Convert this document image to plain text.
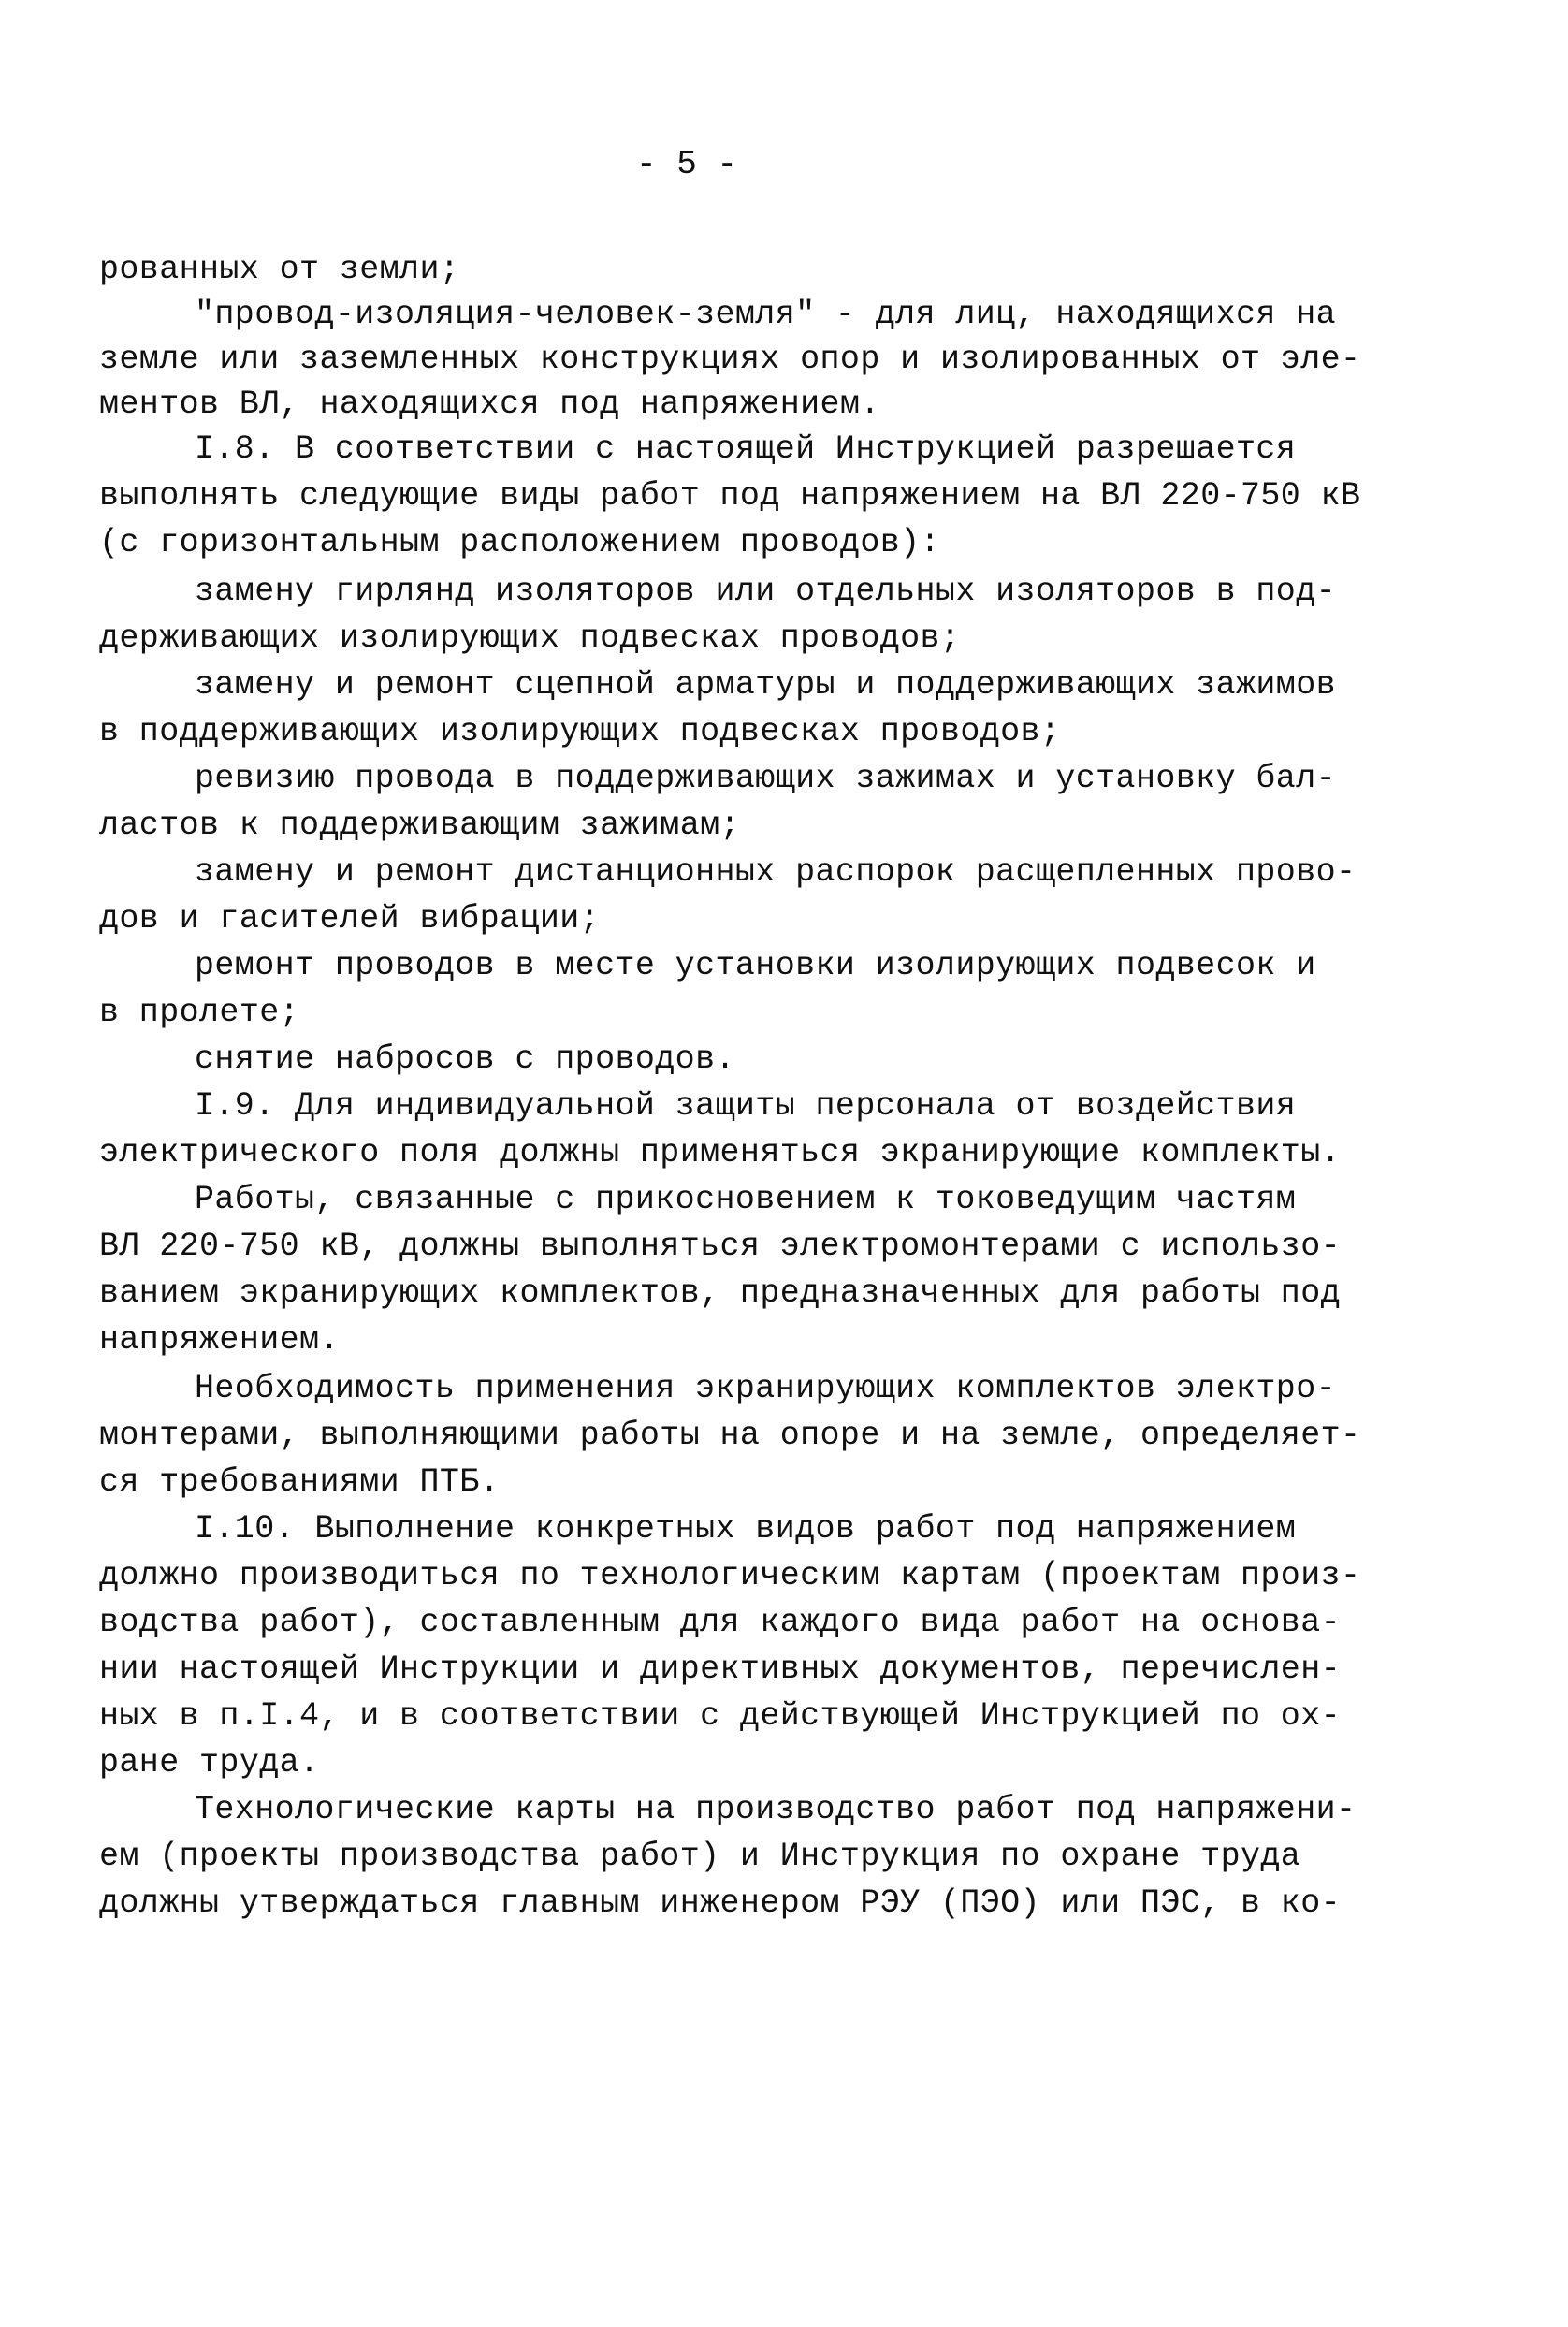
- 5 -
рованных от земли;
"провод-изоляция-человек-земля" - для лиц, находящихся на
земле или заземленных конструкциях опор и изолированных от эле-
ментов ВЛ, находящихся под напряжением.
I.8. В соответствии с настоящей Инструкцией разрешается
выполнять следующие виды работ под напряжением на ВЛ 220-750 кВ
(с горизонтальным расположением проводов):
замену гирлянд изоляторов или отдельных изоляторов в под-
держивающих изолирующих подвесках проводов;
замену и ремонт сцепной арматуры и поддерживающих зажимов
в поддерживающих изолирующих подвесках проводов;
ревизию провода в поддерживающих зажимах и установку бал-
ластов к поддерживающим зажимам;
замену и ремонт дистанционных распорок расщепленных прово-
дов и гасителей вибрации;
ремонт проводов в месте установки изолирующих подвесок и
в пролете;
снятие набросов с проводов.
I.9. Для индивидуальной защиты персонала от воздействия
электрического поля должны применяться экранирующие комплекты.
Работы, связанные с прикосновением к токоведущим частям
ВЛ 220-750 кВ, должны выполняться электромонтерами с использо-
ванием экранирующих комплектов, предназначенных для работы под
напряжением.
Необходимость применения экранирующих комплектов электро-
монтерами, выполняющими работы на опоре и на земле, определяет-
ся требованиями ПТБ.
I.10. Выполнение конкретных видов работ под напряжением
должно производиться по технологическим картам (проектам произ-
водства работ), составленным для каждого вида работ на основа-
нии настоящей Инструкции и директивных документов, перечислен-
ных в п.I.4, и в соответствии с действующей Инструкцией по ох-
ране труда.
Технологические карты на производство работ под напряжени-
ем (проекты производства работ) и Инструкция по охране труда
должны утверждаться главным инженером РЭУ (ПЭО) или ПЭС, в ко-
